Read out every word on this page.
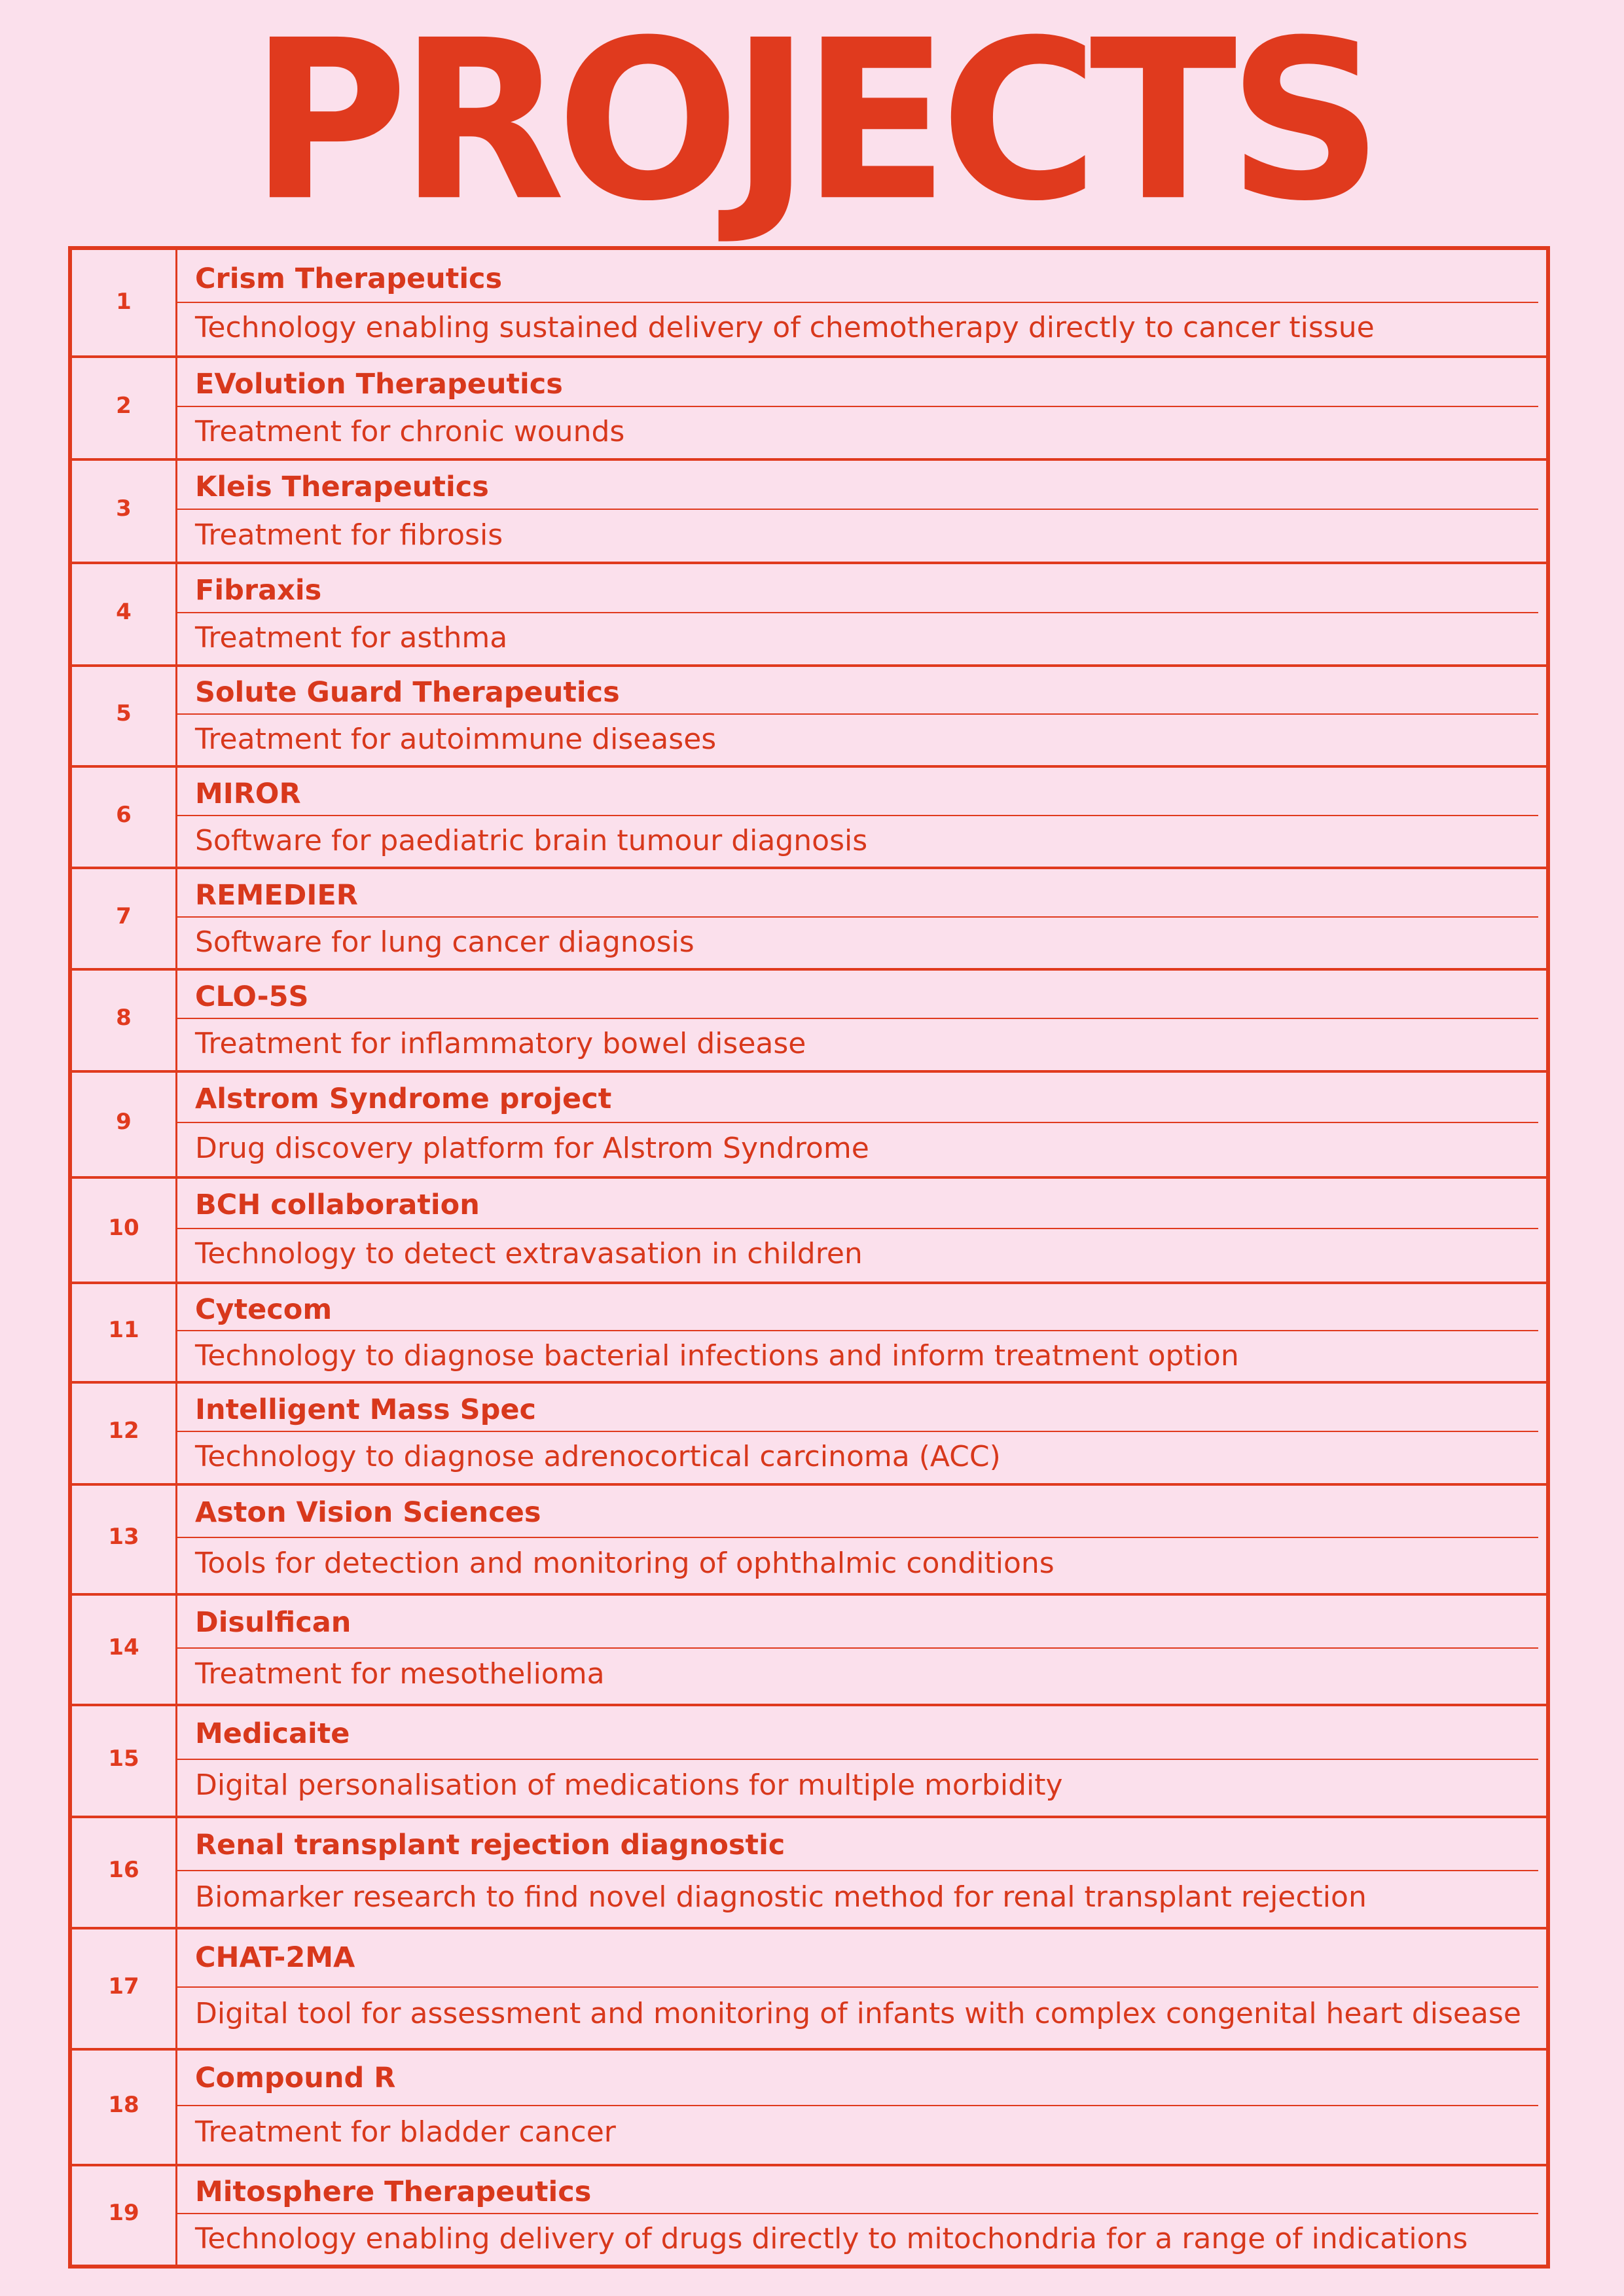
PROJECTS
1
Crism Therapeutics
Technology enabling sustained delivery of chemotherapy directly to cancer tissue
2
EVolution Therapeutics
Treatment for chronic wounds
3
Kleis Therapeutics
Treatment for fibrosis
4
Fibraxis
Treatment for asthma
5
Solute Guard Therapeutics
Treatment for autoimmune diseases
6
MIROR
Software for paediatric brain tumour diagnosis
7
REMEDIER
Software for lung cancer diagnosis
8
CLO-5S
Treatment for inflammatory bowel disease
9
Alstrom Syndrome project
Drug discovery platform for Alstrom Syndrome
10
BCH collaboration
Technology to detect extravasation in children
11
Cytecom
Technology to diagnose bacterial infections and inform treatment option
12
Intelligent Mass Spec
Technology to diagnose adrenocortical carcinoma (ACC)
13
Aston Vision Sciences
Tools for detection and monitoring of ophthalmic conditions
14
Disulfican
Treatment for mesothelioma
15
Medicaite
Digital personalisation of medications for multiple morbidity
16
Renal transplant rejection diagnostic
Biomarker research to find novel diagnostic method for renal transplant rejection
17
CHAT-2MA
Digital tool for assessment and monitoring of infants with complex congenital heart disease
18
Compound R
Treatment for bladder cancer
19
Mitosphere Therapeutics
Technology enabling delivery of drugs directly to mitochondria for a range of indications
